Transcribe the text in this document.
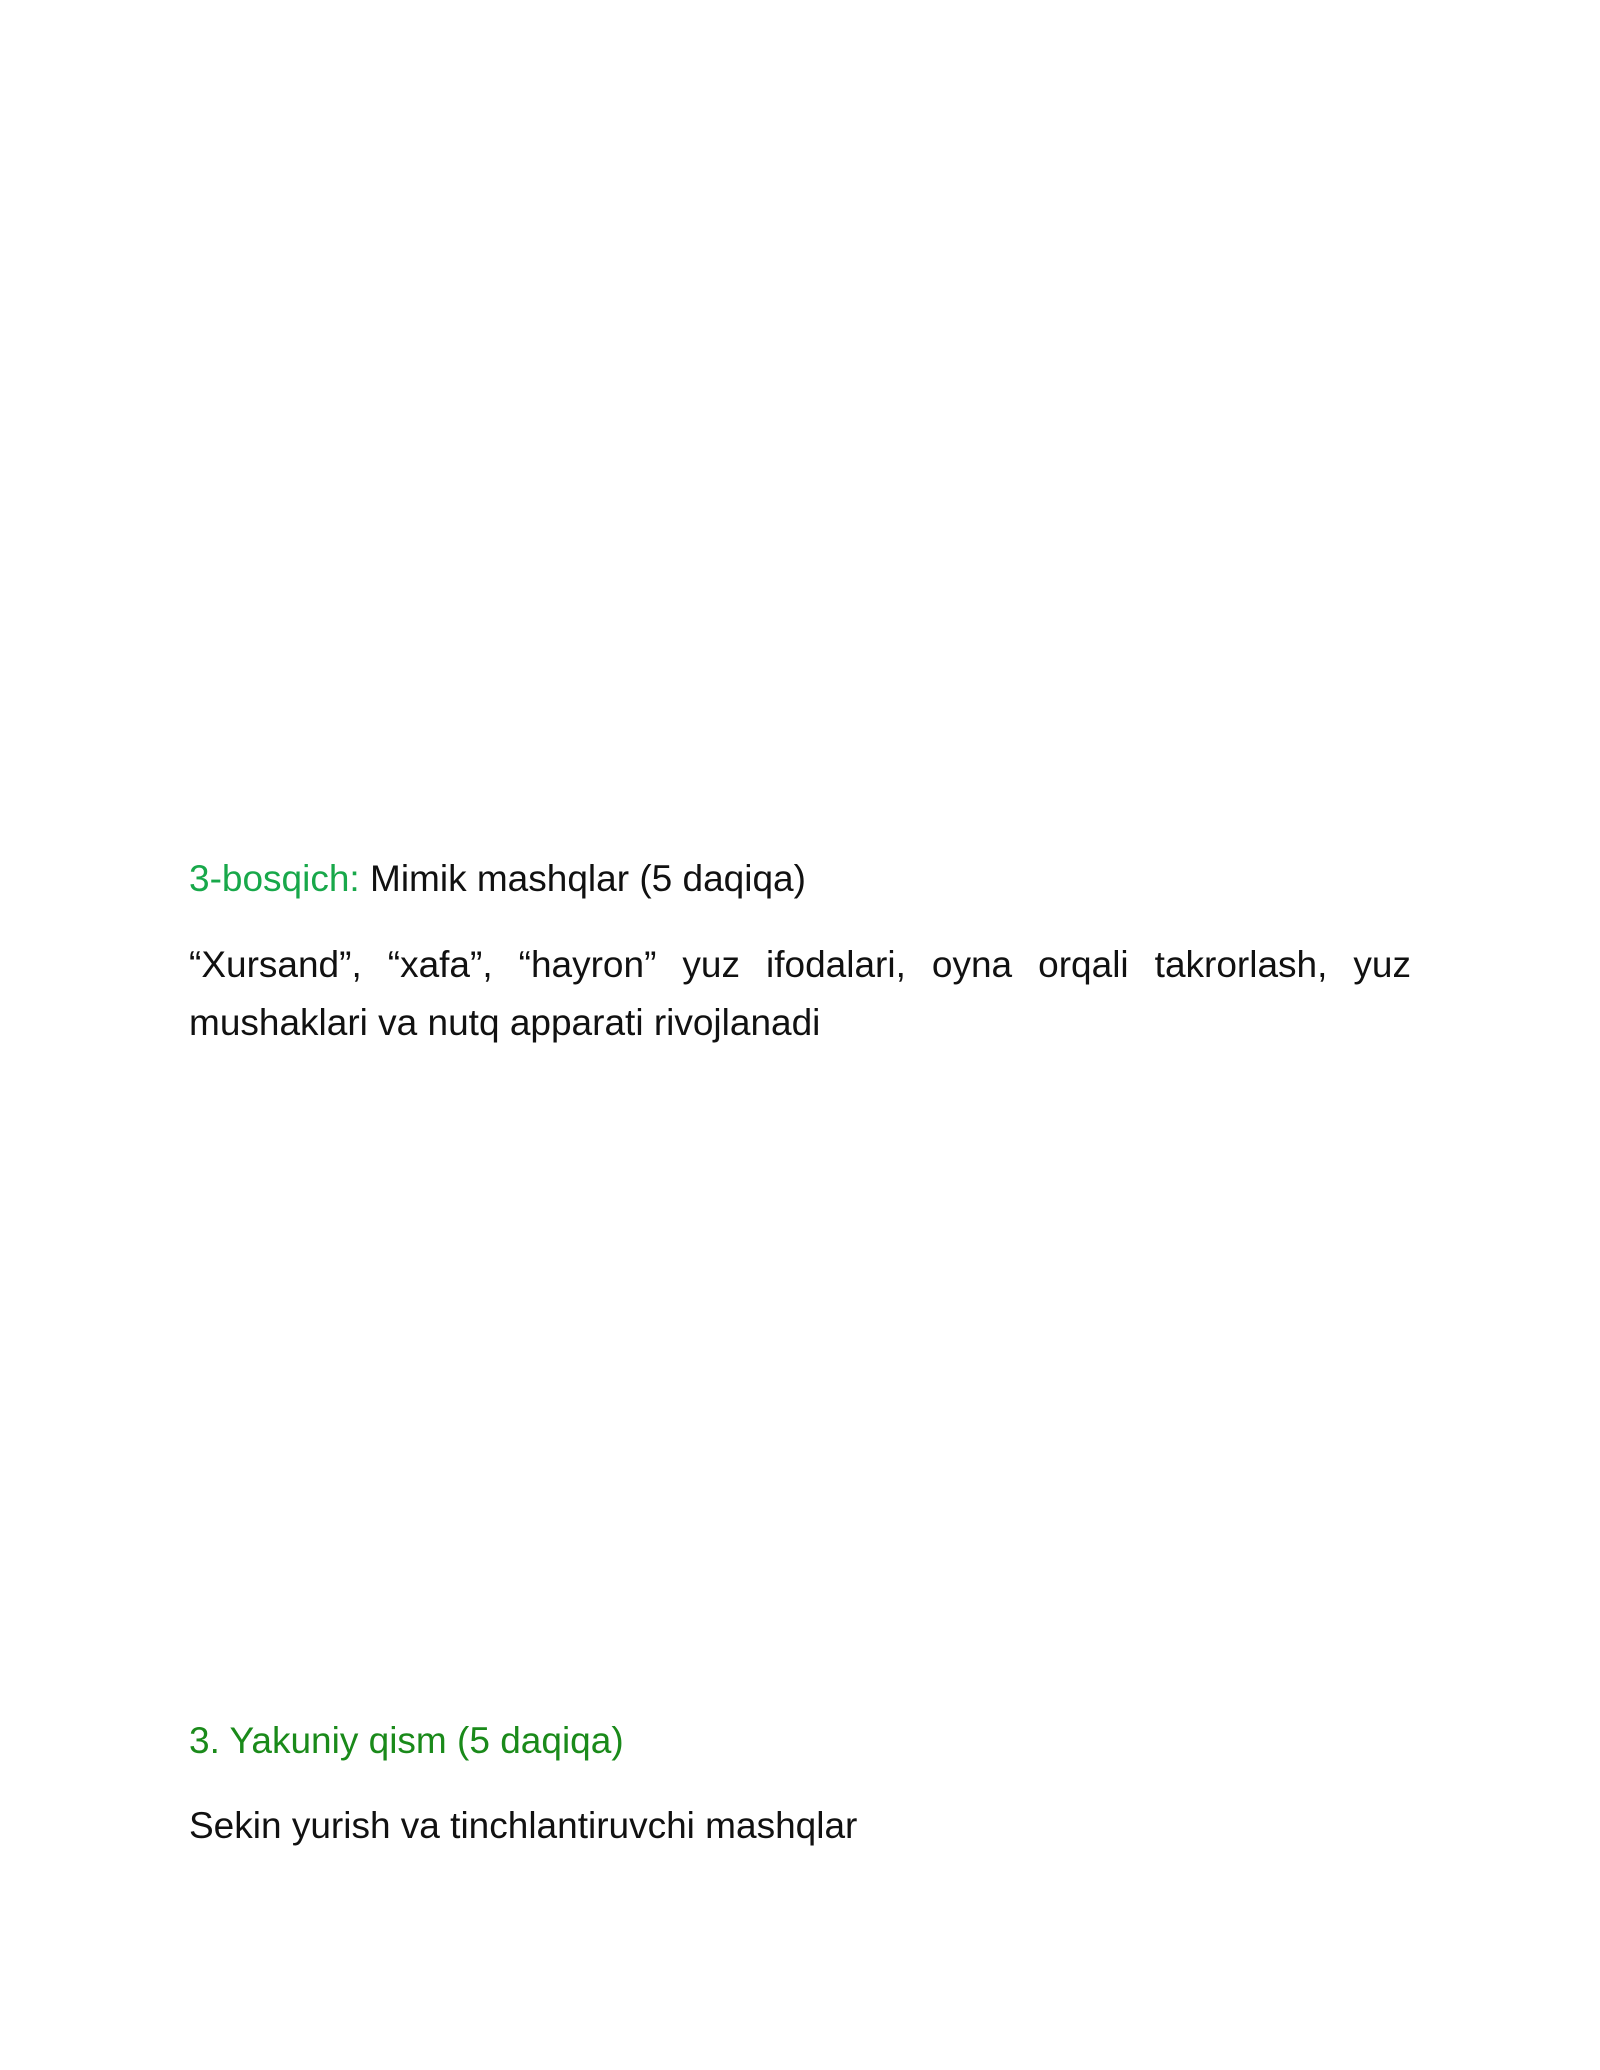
3-bosqich: Mimik mashqlar (5 daqiqa)

“Xursand”, “xafa”, “hayron” yuz ifodalari, oyna orqali takrorlash, yuz mushaklari va nutq apparati rivojlanadi

3. Yakuniy qism (5 daqiqa)

Sekin yurish va tinchlantiruvchi mashqlar
